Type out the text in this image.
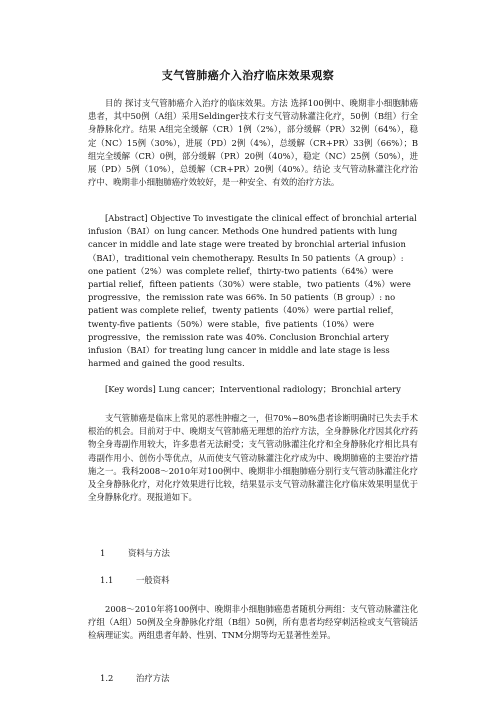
支气管肺癌介入治疗临床效果观察

目的 探讨支气管肺癌介入治疗的临床效果。方法 选择100例中、晚期非小细胞肺癌患者，其中50例（A组）采用Seldinger技术行支气管动脉灌注化疗，50例（B组）行全身静脉化疗。结果 A组完全缓解（CR）1例（2%），部分缓解（PR）32例（64%），稳定（NC）15例（30%），进展（PD）2例（4%），总缓解（CR+PR）33例（66%）；B组完全缓解（CR）0例，部分缓解（PR）20例（40%），稳定（NC）25例（50%），进展（PD）5例（10%），总缓解（CR+PR）20例（40%）。结论 支气管动脉灌注化疗治疗中、晚期非小细胞肺癌疗效较好，是一种安全、有效的治疗方法。

[Abstract] Objective To investigate the clinical effect of bronchial arterial infusion（BAI）on lung cancer. Methods One hundred patients with lung cancer in middle and late stage were treated by bronchial arterial infusion（BAI），traditional vein chemotherapy. Results In 50 patients（A group）: one patient（2%）was complete relief，thirty-two patients（64%）were partial relief，fifteen patients（30%）were stable，two patients（4%）were progressive，the remission rate was 66%. In 50 patients（B group）: no patient was complete relief，twenty patients（40%）were partial relief，twenty-five patients（50%）were stable，five patients（10%）were progressive，the remission rate was 40%. Conclusion Bronchial artery infusion（BAI）for treating lung cancer in middle and late stage is less harmed and gained the good results.

[Key words] Lung cancer；Interventional radiology；Bronchial artery

支气管肺癌是临床上常见的恶性肿瘤之一，但70%~80%患者诊断明确时已失去手术根治的机会。目前对于中、晚期支气管肺癌无理想的治疗方法，全身静脉化疗因其化疗药物全身毒副作用较大，许多患者无法耐受；支气管动脉灌注化疗和全身静脉化疗相比具有毒副作用小、创伤小等优点，从而使支气管动脉灌注化疗成为中、晚期肺癌的主要治疗措施之一。我科2008～2010年对100例中、晚期非小细胞肺癌分别行支气管动脉灌注化疗及全身静脉化疗，对化疗效果进行比较，结果显示支气管动脉灌注化疗临床效果明显优于全身静脉化疗。现报道如下。

1	资料与方法
1.1	一般资料

2008～2010年将100例中、晚期非小细胞肺癌患者随机分两组：支气管动脉灌注化疗组（A组）50例及全身静脉化疗组（B组）50例，所有患者均经穿刺活检或支气管镜活检病理证实。两组患者年龄、性别、TNM分期等均无显著性差异。

1.2	治疗方法
